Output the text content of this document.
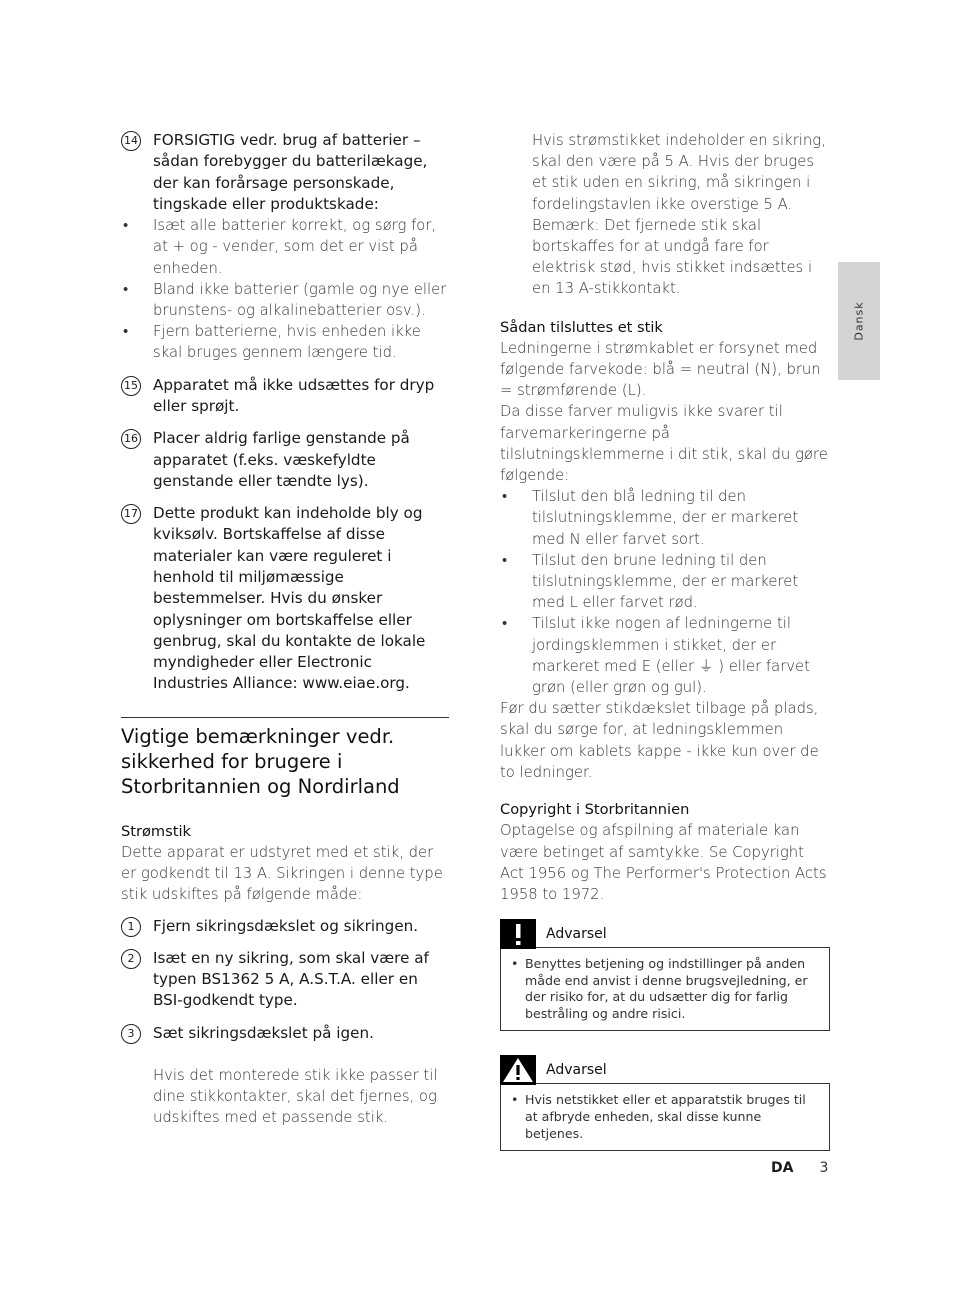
14 FORSIGTIG vedr. brug af batterier – sådan forebygger du batterilækage, der kan forårsage personskade, tingskade eller produktskade:
• Isæt alle batterier korrekt, og sørg for, at + og - vender, som det er vist på enheden.
• Bland ikke batterier (gamle og nye eller brunstens- og alkalinebatterier osv.).
• Fjern batterierne, hvis enheden ikke skal bruges gennem længere tid.
15 Apparatet må ikke udsættes for dryp eller sprøjt.
16 Placer aldrig farlige genstande på apparatet (f.eks. væskefyldte genstande eller tændte lys).
17 Dette produkt kan indeholde bly og kviksølv. Bortskaffelse af disse materialer kan være reguleret i henhold til miljømæssige bestemmelser. Hvis du ønsker oplysninger om bortskaffelse eller genbrug, skal du kontakte de lokale myndigheder eller Electronic Industries Alliance: www.eiae.org.
Vigtige bemærkninger vedr. sikkerhed for brugere i Storbritannien og Nordirland
Strømstik
Dette apparat er udstyret med et stik, der er godkendt til 13 A. Sikringen i denne type stik udskiftes på følgende måde:
1	Fjern sikringsdækslet og sikringen.
2	Isæt en ny sikring, som skal være af typen BS1362 5 A, A.S.T.A. eller en BSI-godkendt type.
3	Sæt sikringsdækslet på igen.
Hvis det monterede stik ikke passer til dine stikkontakter, skal det fjernes, og udskiftes med et passende stik.
Hvis strømstikket indeholder en sikring, skal den være på 5 A. Hvis der bruges et stik uden en sikring, må sikringen i fordelingstavlen ikke overstige 5 A. Bemærk: Det fjernede stik skal bortskaffes for at undgå fare for elektrisk stød, hvis stikket indsættes i en 13 A-stikkontakt.
Sådan tilsluttes et stik
Ledningerne i strømkablet er forsynet med følgende farvekode: blå = neutral (N), brun = strømførende (L).
Da disse farver muligvis ikke svarer til farvemarkeringerne på tilslutningsklemmerne i dit stik, skal du gøre følgende:
• Tilslut den blå ledning til den tilslutningsklemme, der er markeret med N eller farvet sort.
• Tilslut den brune ledning til den tilslutningsklemme, der er markeret med L eller farvet rød.
• Tilslut ikke nogen af ledningerne til jordingsklemmen i stikket, der er markeret med E (eller ⏚ ) eller farvet grøn (eller grøn og gul).
Før du sætter stikdækslet tilbage på plads, skal du sørge for, at ledningsklemmen lukker om kablets kappe - ikke kun over de to ledninger.
Copyright i Storbritannien
Optagelse og afspilning af materiale kan være betinget af samtykke. Se Copyright Act 1956 og The Performer's Protection Acts 1958 to 1972.
Advarsel
• Benyttes betjening og indstillinger på anden måde end anvist i denne brugsvejledning, er der risiko for, at du udsætter dig for farlig bestråling og andre risici.
Advarsel
• Hvis netstikket eller et apparatstik bruges til at afbryde enheden, skal disse kunne betjenes.
Dansk
DA 3
